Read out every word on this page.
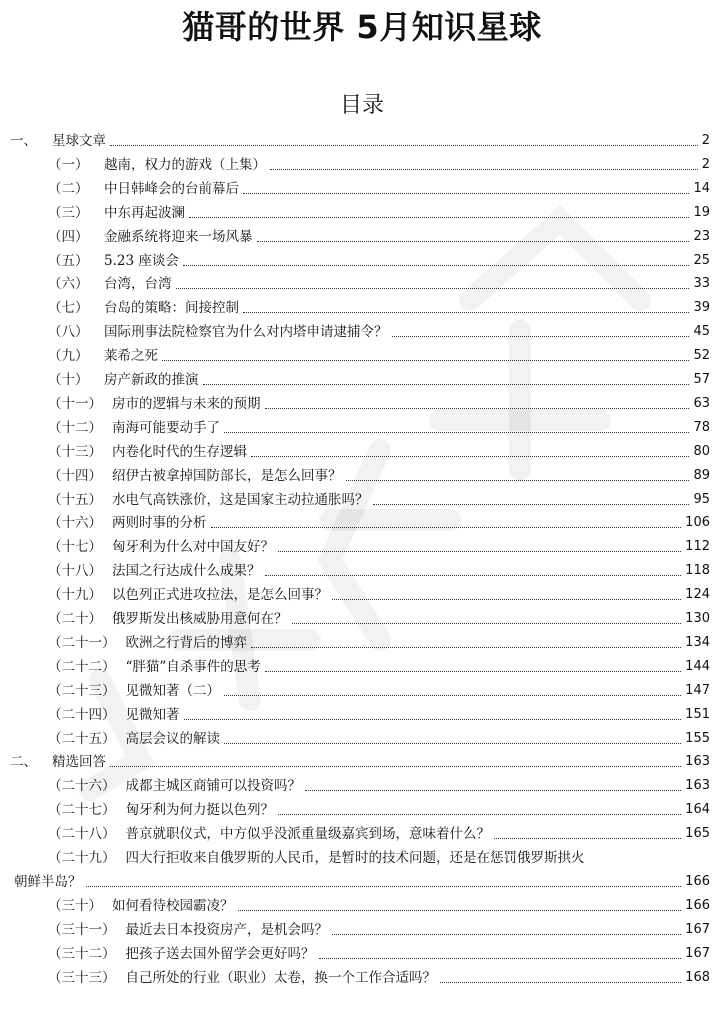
猫哥的世界 5月知识星球
目录
一、	星球文章	2
（一）	越南，权力的游戏（上集）	2
（二）	中日韩峰会的台前幕后	14
（三）	中东再起波澜	19
（四）	金融系统将迎来一场风暴	23
（五）	5.23 座谈会	25
（六）	台湾，台湾	33
（七）	台岛的策略：间接控制	39
（八）	国际刑事法院检察官为什么对内塔申请逮捕令？	45
（九）	莱希之死	52
（十）	房产新政的推演	57
（十一） 房市的逻辑与未来的预期	63
（十二） 南海可能要动手了	78
（十三） 内卷化时代的生存逻辑	80
（十四） 绍伊古被拿掉国防部长，是怎么回事？	89
（十五） 水电气高铁涨价，这是国家主动拉通胀吗？	95
（十六） 两则时事的分析	106
（十七） 匈牙利为什么对中国友好？	112
（十八） 法国之行达成什么成果？	118
（十九） 以色列正式进攻拉法，是怎么回事？	124
（二十） 俄罗斯发出核威胁用意何在？	130
（二十一） 欧洲之行背后的博弈	134
（二十二） “胖猫”自杀事件的思考	144
（二十三） 见微知著（二）	147
（二十四） 见微知著	151
（二十五） 高层会议的解读	155
二、	精选回答	163
（二十六） 成都主城区商铺可以投资吗？	163
（二十七） 匈牙利为何力挺以色列？	164
（二十八） 普京就职仪式，中方似乎没派重量级嘉宾到场，意味着什么？	165
（二十九） 四大行拒收来自俄罗斯的人民币，是暂时的技术问题，还是在惩罚俄罗斯拱火
朝鲜半岛？	166
（三十） 如何看待校园霸凌？	166
（三十一） 最近去日本投资房产，是机会吗？	167
（三十二） 把孩子送去国外留学会更好吗？	167
（三十三） 自己所处的行业（职业）太卷，换一个工作合适吗？	168
